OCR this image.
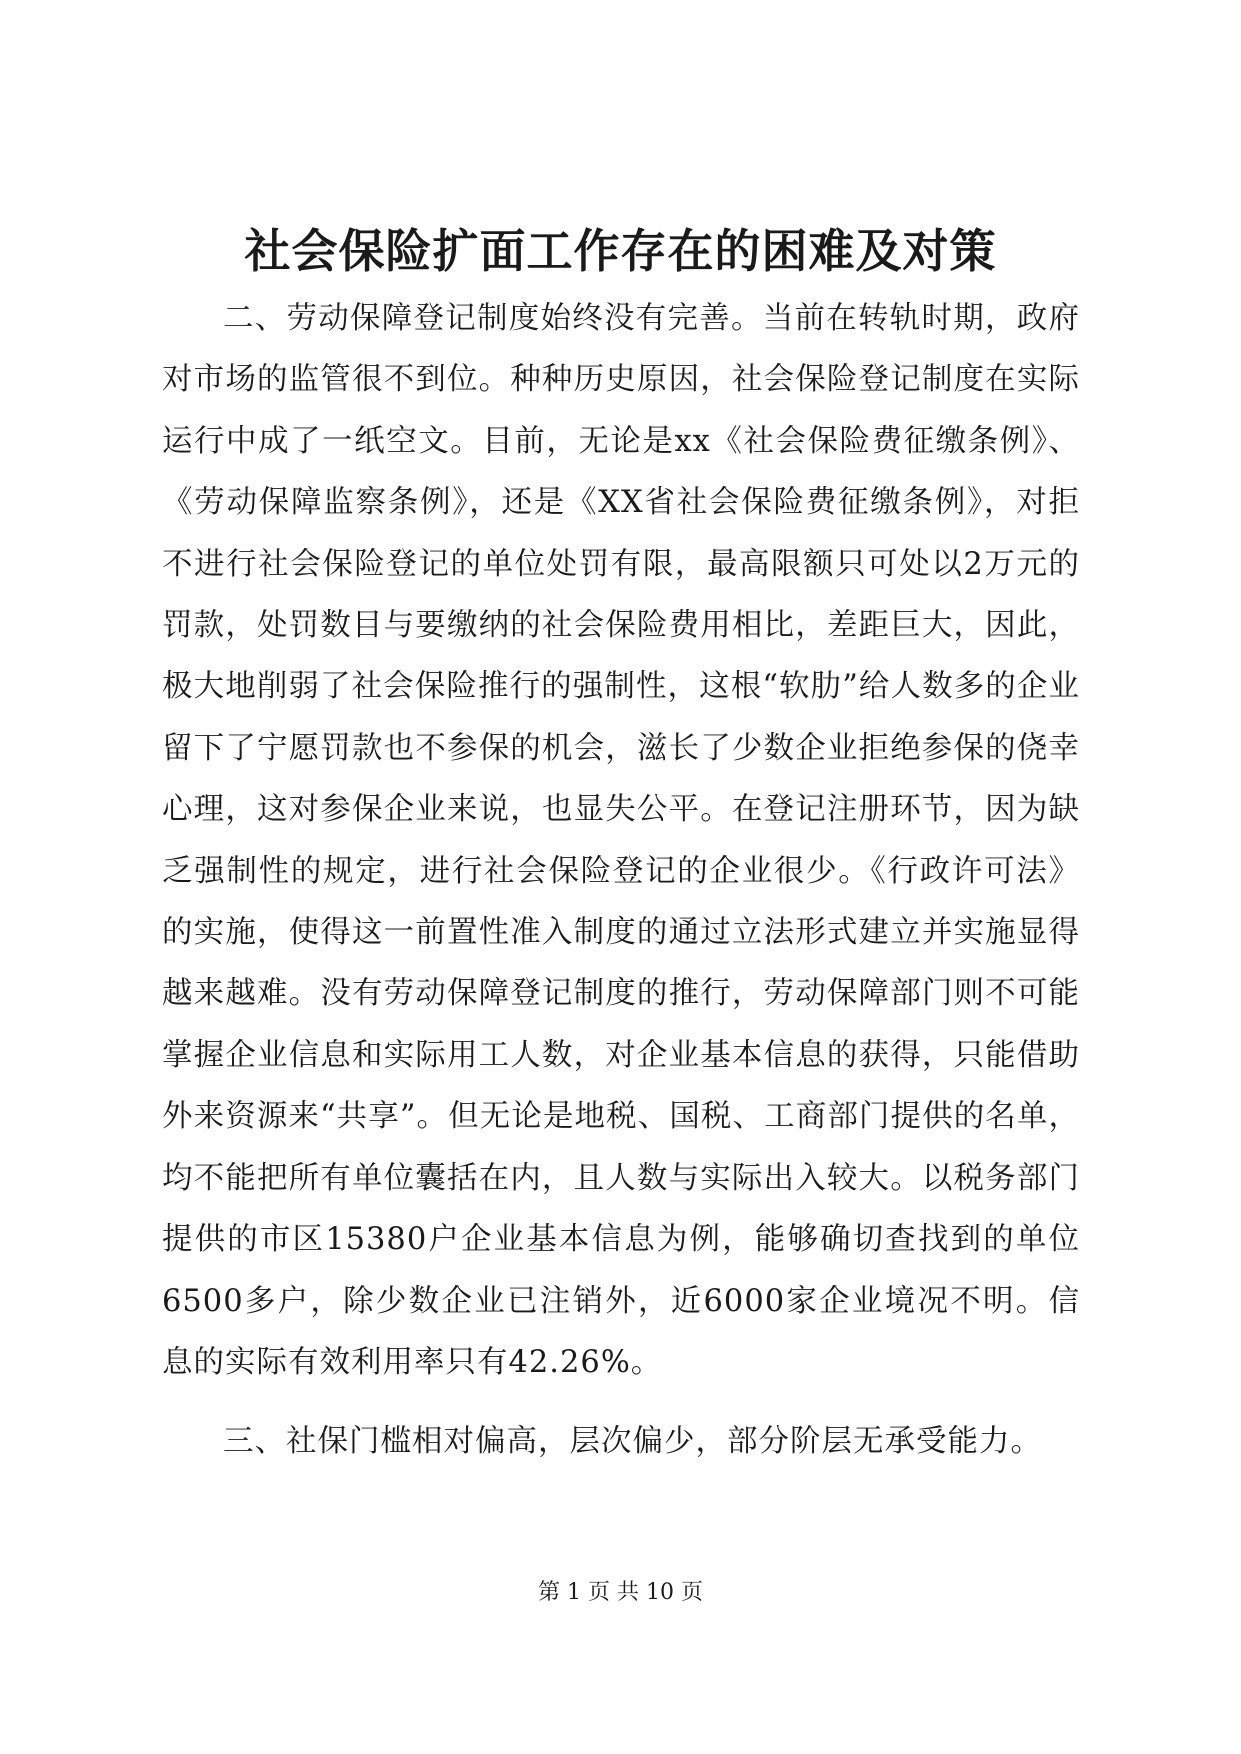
社会保险扩面工作存在的困难及对策

二、劳动保障登记制度始终没有完善。当前在转轨时期，政府对市场的监管很不到位。种种历史原因，社会保险登记制度在实际运行中成了一纸空文。目前，无论是xx《社会保险费征缴条例》、《劳动保障监察条例》，还是《XX省社会保险费征缴条例》，对拒不进行社会保险登记的单位处罚有限，最高限额只可处以2万元的罚款，处罚数目与要缴纳的社会保险费用相比，差距巨大，因此，极大地削弱了社会保险推行的强制性，这根“软肋”给人数多的企业留下了宁愿罚款也不参保的机会，滋长了少数企业拒绝参保的侥幸心理，这对参保企业来说，也显失公平。在登记注册环节，因为缺乏强制性的规定，进行社会保险登记的企业很少。《行政许可法》的实施，使得这一前置性准入制度的通过立法形式建立并实施显得越来越难。没有劳动保障登记制度的推行，劳动保障部门则不可能掌握企业信息和实际用工人数，对企业基本信息的获得，只能借助外来资源来“共享”。但无论是地税、国税、工商部门提供的名单，均不能把所有单位囊括在内，且人数与实际出入较大。以税务部门提供的市区15380户企业基本信息为例，能够确切查找到的单位6500多户，除少数企业已注销外，近6000家企业境况不明。信息的实际有效利用率只有42.26%。

三、社保门槛相对偏高，层次偏少，部分阶层无承受能力。

第 1 页 共 10 页
